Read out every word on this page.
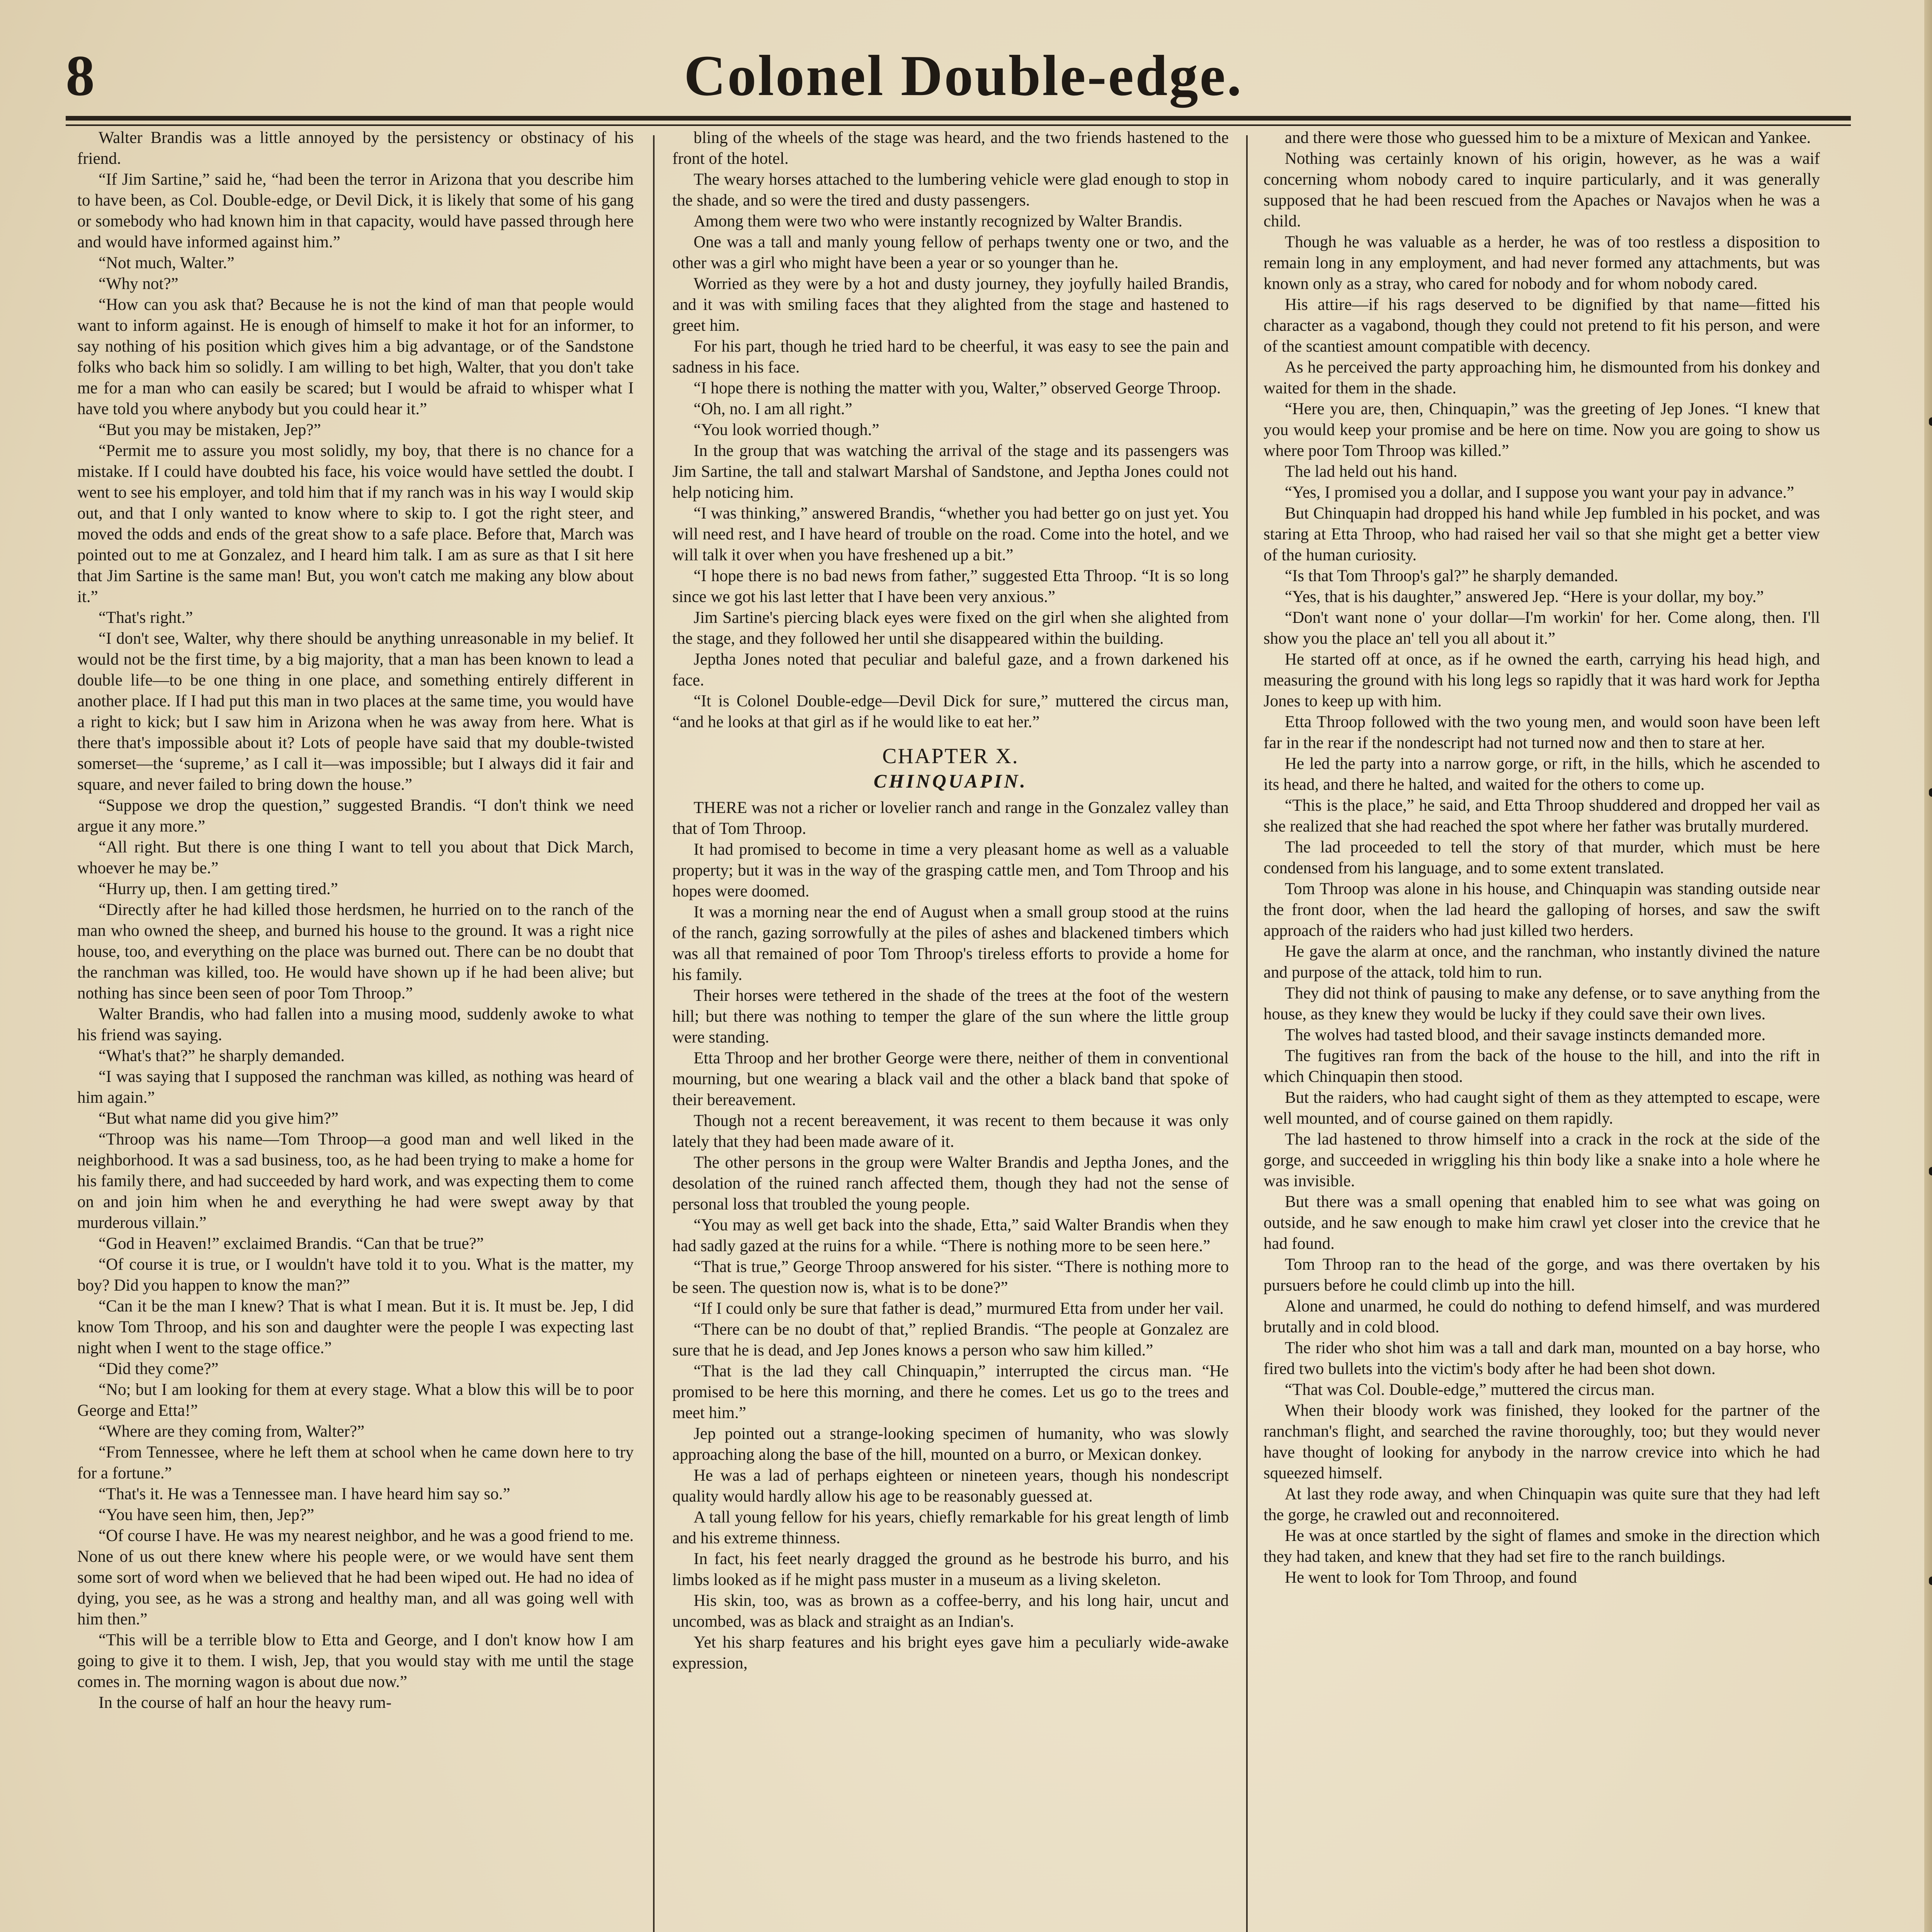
8	Colonel Double-edge.

Walter Brandis was a little annoyed by the persistency or obstinacy of his friend.

“If Jim Sartine,” said he, “had been the terror in Arizona that you describe him to have been, as Col. Double-edge, or Devil Dick, it is likely that some of his gang or somebody who had known him in that capacity, would have passed through here and would have informed against him.”

“Not much, Walter.”

“Why not?”

“How can you ask that? Because he is not the kind of man that people would want to inform against. He is enough of himself to make it hot for an informer, to say nothing of his position which gives him a big advantage, or of the Sandstone folks who back him so solidly. I am willing to bet high, Walter, that you don't take me for a man who can easily be scared; but I would be afraid to whisper what I have told you where anybody but you could hear it.”

“But you may be mistaken, Jep?”

“Permit me to assure you most solidly, my boy, that there is no chance for a mistake. If I could have doubted his face, his voice would have settled the doubt. I went to see his employer, and told him that if my ranch was in his way I would skip out, and that I only wanted to know where to skip to. I got the right steer, and moved the odds and ends of the great show to a safe place. Before that, March was pointed out to me at Gonzalez, and I heard him talk. I am as sure as that I sit here that Jim Sartine is the same man! But, you won't catch me making any blow about it.”

“That's right.”

“I don't see, Walter, why there should be anything unreasonable in my belief. It would not be the first time, by a big majority, that a man has been known to lead a double life—to be one thing in one place, and something entirely different in another place. If I had put this man in two places at the same time, you would have a right to kick; but I saw him in Arizona when he was away from here. What is there that's impossible about it? Lots of people have said that my double-twisted somerset—the ‘supreme,’ as I call it—was impossible; but I always did it fair and square, and never failed to bring down the house.”

“Suppose we drop the question,” suggested Brandis. “I don't think we need argue it any more.”

“All right. But there is one thing I want to tell you about that Dick March, whoever he may be.”

“Hurry up, then. I am getting tired.”

“Directly after he had killed those herdsmen, he hurried on to the ranch of the man who owned the sheep, and burned his house to the ground. It was a right nice house, too, and everything on the place was burned out. There can be no doubt that the ranchman was killed, too. He would have shown up if he had been alive; but nothing has since been seen of poor Tom Throop.”

Walter Brandis, who had fallen into a musing mood, suddenly awoke to what his friend was saying.

“What's that?” he sharply demanded.

“I was saying that I supposed the ranchman was killed, as nothing was heard of him again.”

“But what name did you give him?”

“Throop was his name—Tom Throop—a good man and well liked in the neighborhood. It was a sad business, too, as he had been trying to make a home for his family there, and had succeeded by hard work, and was expecting them to come on and join him when he and everything he had were swept away by that murderous villain.”

“God in Heaven!” exclaimed Brandis. “Can that be true?”

“Of course it is true, or I wouldn't have told it to you. What is the matter, my boy? Did you happen to know the man?”

“Can it be the man I knew? That is what I mean. But it is. It must be. Jep, I did know Tom Throop, and his son and daughter were the people I was expecting last night when I went to the stage office.”

“Did they come?”

“No; but I am looking for them at every stage. What a blow this will be to poor George and Etta!”

“Where are they coming from, Walter?”

“From Tennessee, where he left them at school when he came down here to try for a fortune.”

“That's it. He was a Tennessee man. I have heard him say so.”

“You have seen him, then, Jep?”

“Of course I have. He was my nearest neighbor, and he was a good friend to me. None of us out there knew where his people were, or we would have sent them some sort of word when we believed that he had been wiped out. He had no idea of dying, you see, as he was a strong and healthy man, and all was going well with him then.”

“This will be a terrible blow to Etta and George, and I don't know how I am going to give it to them. I wish, Jep, that you would stay with me until the stage comes in. The morning wagon is about due now.”

In the course of half an hour the heavy rum-

bling of the wheels of the stage was heard, and the two friends hastened to the front of the hotel.

The weary horses attached to the lumbering vehicle were glad enough to stop in the shade, and so were the tired and dusty passengers.

Among them were two who were instantly recognized by Walter Brandis.

One was a tall and manly young fellow of perhaps twenty one or two, and the other was a girl who might have been a year or so younger than he.

Worried as they were by a hot and dusty journey, they joyfully hailed Brandis, and it was with smiling faces that they alighted from the stage and hastened to greet him.

For his part, though he tried hard to be cheerful, it was easy to see the pain and sadness in his face.

“I hope there is nothing the matter with you, Walter,” observed George Throop.

“Oh, no. I am all right.”

“You look worried though.”

In the group that was watching the arrival of the stage and its passengers was Jim Sartine, the tall and stalwart Marshal of Sandstone, and Jeptha Jones could not help noticing him.

“I was thinking,” answered Brandis, “whether you had better go on just yet. You will need rest, and I have heard of trouble on the road. Come into the hotel, and we will talk it over when you have freshened up a bit.”

“I hope there is no bad news from father,” suggested Etta Throop. “It is so long since we got his last letter that I have been very anxious.”

Jim Sartine's piercing black eyes were fixed on the girl when she alighted from the stage, and they followed her until she disappeared within the building.

Jeptha Jones noted that peculiar and baleful gaze, and a frown darkened his face.

“It is Colonel Double-edge—Devil Dick for sure,” muttered the circus man, “and he looks at that girl as if he would like to eat her.”

CHAPTER X.
CHINQUAPIN.

THERE was not a richer or lovelier ranch and range in the Gonzalez valley than that of Tom Throop.

It had promised to become in time a very pleasant home as well as a valuable property; but it was in the way of the grasping cattle men, and Tom Throop and his hopes were doomed.

It was a morning near the end of August when a small group stood at the ruins of the ranch, gazing sorrowfully at the piles of ashes and blackened timbers which was all that remained of poor Tom Throop's tireless efforts to provide a home for his family.

Their horses were tethered in the shade of the trees at the foot of the western hill; but there was nothing to temper the glare of the sun where the little group were standing.

Etta Throop and her brother George were there, neither of them in conventional mourning, but one wearing a black vail and the other a black band that spoke of their bereavement.

Though not a recent bereavement, it was recent to them because it was only lately that they had been made aware of it.

The other persons in the group were Walter Brandis and Jeptha Jones, and the desolation of the ruined ranch affected them, though they had not the sense of personal loss that troubled the young people.

“You may as well get back into the shade, Etta,” said Walter Brandis when they had sadly gazed at the ruins for a while. “There is nothing more to be seen here.”

“That is true,” George Throop answered for his sister. “There is nothing more to be seen. The question now is, what is to be done?”

“If I could only be sure that father is dead,” murmured Etta from under her vail.

“There can be no doubt of that,” replied Brandis. “The people at Gonzalez are sure that he is dead, and Jep Jones knows a person who saw him killed.”

“That is the lad they call Chinquapin,” interrupted the circus man. “He promised to be here this morning, and there he comes. Let us go to the trees and meet him.”

Jep pointed out a strange-looking specimen of humanity, who was slowly approaching along the base of the hill, mounted on a burro, or Mexican donkey.

He was a lad of perhaps eighteen or nineteen years, though his nondescript quality would hardly allow his age to be reasonably guessed at.

A tall young fellow for his years, chiefly remarkable for his great length of limb and his extreme thinness.

In fact, his feet nearly dragged the ground as he bestrode his burro, and his limbs looked as if he might pass muster in a museum as a living skeleton.

His skin, too, was as brown as a coffee-berry, and his long hair, uncut and uncombed, was as black and straight as an Indian's.

Yet his sharp features and his bright eyes gave him a peculiarly wide-awake expression,

and there were those who guessed him to be a mixture of Mexican and Yankee.

Nothing was certainly known of his origin, however, as he was a waif concerning whom nobody cared to inquire particularly, and it was generally supposed that he had been rescued from the Apaches or Navajos when he was a child.

Though he was valuable as a herder, he was of too restless a disposition to remain long in any employment, and had never formed any attachments, but was known only as a stray, who cared for nobody and for whom nobody cared.

His attire—if his rags deserved to be dignified by that name—fitted his character as a vagabond, though they could not pretend to fit his person, and were of the scantiest amount compatible with decency.

As he perceived the party approaching him, he dismounted from his donkey and waited for them in the shade.

“Here you are, then, Chinquapin,” was the greeting of Jep Jones. “I knew that you would keep your promise and be here on time. Now you are going to show us where poor Tom Throop was killed.”

The lad held out his hand.

“Yes, I promised you a dollar, and I suppose you want your pay in advance.”

But Chinquapin had dropped his hand while Jep fumbled in his pocket, and was staring at Etta Throop, who had raised her vail so that she might get a better view of the human curiosity.

“Is that Tom Throop's gal?” he sharply demanded.

“Yes, that is his daughter,” answered Jep. “Here is your dollar, my boy.”

“Don't want none o' your dollar—I'm workin' for her. Come along, then. I'll show you the place an' tell you all about it.”

He started off at once, as if he owned the earth, carrying his head high, and measuring the ground with his long legs so rapidly that it was hard work for Jeptha Jones to keep up with him.

Etta Throop followed with the two young men, and would soon have been left far in the rear if the nondescript had not turned now and then to stare at her.

He led the party into a narrow gorge, or rift, in the hills, which he ascended to its head, and there he halted, and waited for the others to come up.

“This is the place,” he said, and Etta Throop shuddered and dropped her vail as she realized that she had reached the spot where her father was brutally murdered.

The lad proceeded to tell the story of that murder, which must be here condensed from his language, and to some extent translated.

Tom Throop was alone in his house, and Chinquapin was standing outside near the front door, when the lad heard the galloping of horses, and saw the swift approach of the raiders who had just killed two herders.

He gave the alarm at once, and the ranchman, who instantly divined the nature and purpose of the attack, told him to run.

They did not think of pausing to make any defense, or to save anything from the house, as they knew they would be lucky if they could save their own lives.

The wolves had tasted blood, and their savage instincts demanded more.

The fugitives ran from the back of the house to the hill, and into the rift in which Chinquapin then stood.

But the raiders, who had caught sight of them as they attempted to escape, were well mounted, and of course gained on them rapidly.

The lad hastened to throw himself into a crack in the rock at the side of the gorge, and succeeded in wriggling his thin body like a snake into a hole where he was invisible.

But there was a small opening that enabled him to see what was going on outside, and he saw enough to make him crawl yet closer into the crevice that he had found.

Tom Throop ran to the head of the gorge, and was there overtaken by his pursuers before he could climb up into the hill.

Alone and unarmed, he could do nothing to defend himself, and was murdered brutally and in cold blood.

The rider who shot him was a tall and dark man, mounted on a bay horse, who fired two bullets into the victim's body after he had been shot down.

“That was Col. Double-edge,” muttered the circus man.

When their bloody work was finished, they looked for the partner of the ranchman's flight, and searched the ravine thoroughly, too; but they would never have thought of looking for anybody in the narrow crevice into which he had squeezed himself.

At last they rode away, and when Chinquapin was quite sure that they had left the gorge, he crawled out and reconnoitered.

He was at once startled by the sight of flames and smoke in the direction which they had taken, and knew that they had set fire to the ranch buildings.

He went to look for Tom Throop, and found
